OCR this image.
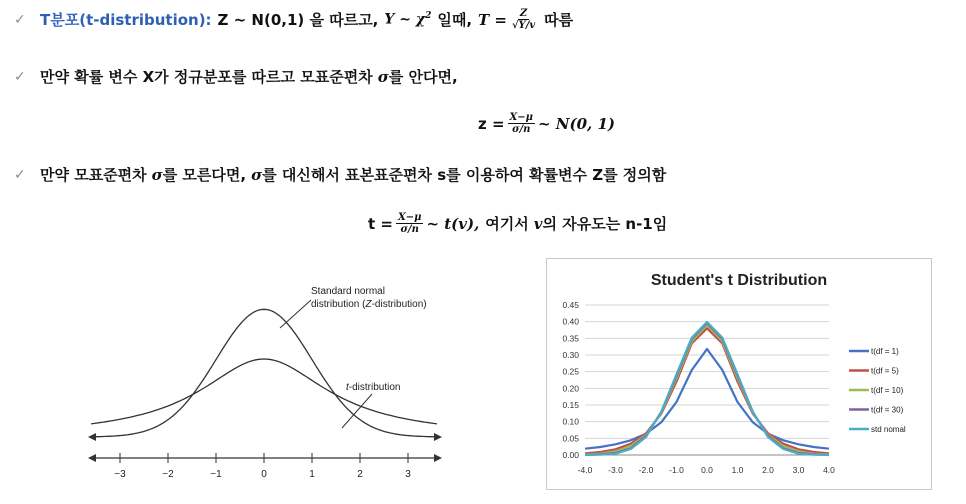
✓ T분포(t-distribution): Z ~ N(0,1) 을 따르고, Y ~ $\chi^2$ 일때, $T = \frac{Z}{√Y/v}$ 따름
✓ 만약 확률 변수 X가 정규분포를 따르고 모표준편차 σ 를 안다면,
$z = \frac{X-\mu}{\sigma/n}$ ~ N(0, 1)
✓ 만약 모표준편차 σ 를 모른다면, σ 를 대신해서 표본표준편차 s를 이용하여 확률변수 Z를 정의함
$t = \frac{X-\mu}{\sigma/n}$ ~ t(v), 여기서 v 의 자유도는 n-1임
−3	−2	−1	0	1	2	3
Standard normal
distribution (Z-distribution)
t-distribution
Student's t Distribution
0.00
0.05
0.10
0.15
0.20
0.25
0.30
0.35
0.40
0.45
-4.0 -3.0 -2.0 -1.0 0.0 1.0 2.0 3.0 4.0
t(df = 1)
t(df = 5)
t(df = 10)
t(df = 30)
std nomal
